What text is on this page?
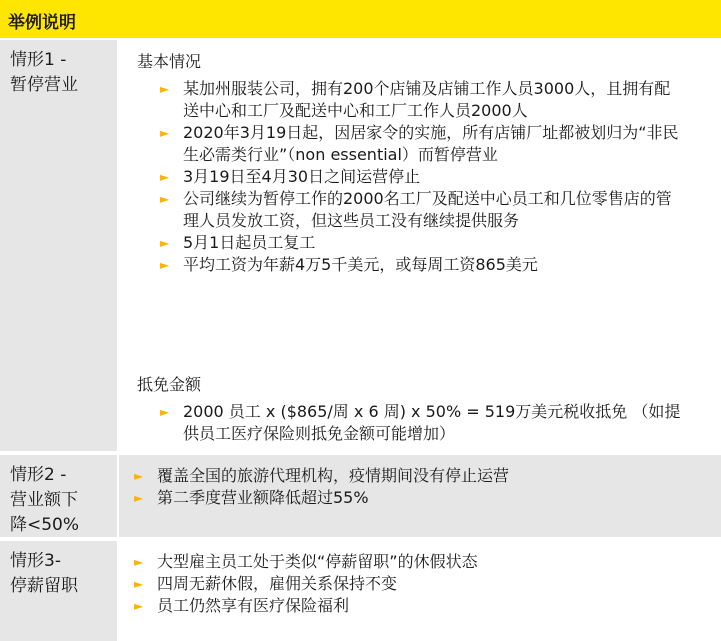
举例说明
情形1 -
暂停营业
基本情况
► 某加州服装公司，拥有200个店铺及店铺工作人员3000人，且拥有配送中心和工厂及配送中心和工厂工作人员2000人
► 2020年3月19日起，因居家令的实施，所有店铺厂址都被划归为“非民生必需类行业”（non essential）而暂停营业
► 3月19日至4月30日之间运营停止
► 公司继续为暂停工作的2000名工厂及配送中心员工和几位零售店的管理人员发放工资，但这些员工没有继续提供服务
► 5月1日起员工复工
► 平均工资为年薪4万5千美元，或每周工资865美元
抵免金额
► 2000 员工 x ($865/周 x 6 周) x 50% = 519万美元税收抵免 （如提供员工医疗保险则抵免金额可能增加）
情形2 -
营业额下
降<50%
► 覆盖全国的旅游代理机构，疫情期间没有停止运营
► 第二季度营业额降低超过55%
情形3-
停薪留职
► 大型雇主员工处于类似“停薪留职”的休假状态
► 四周无薪休假，雇佣关系保持不变
► 员工仍然享有医疗保险福利
